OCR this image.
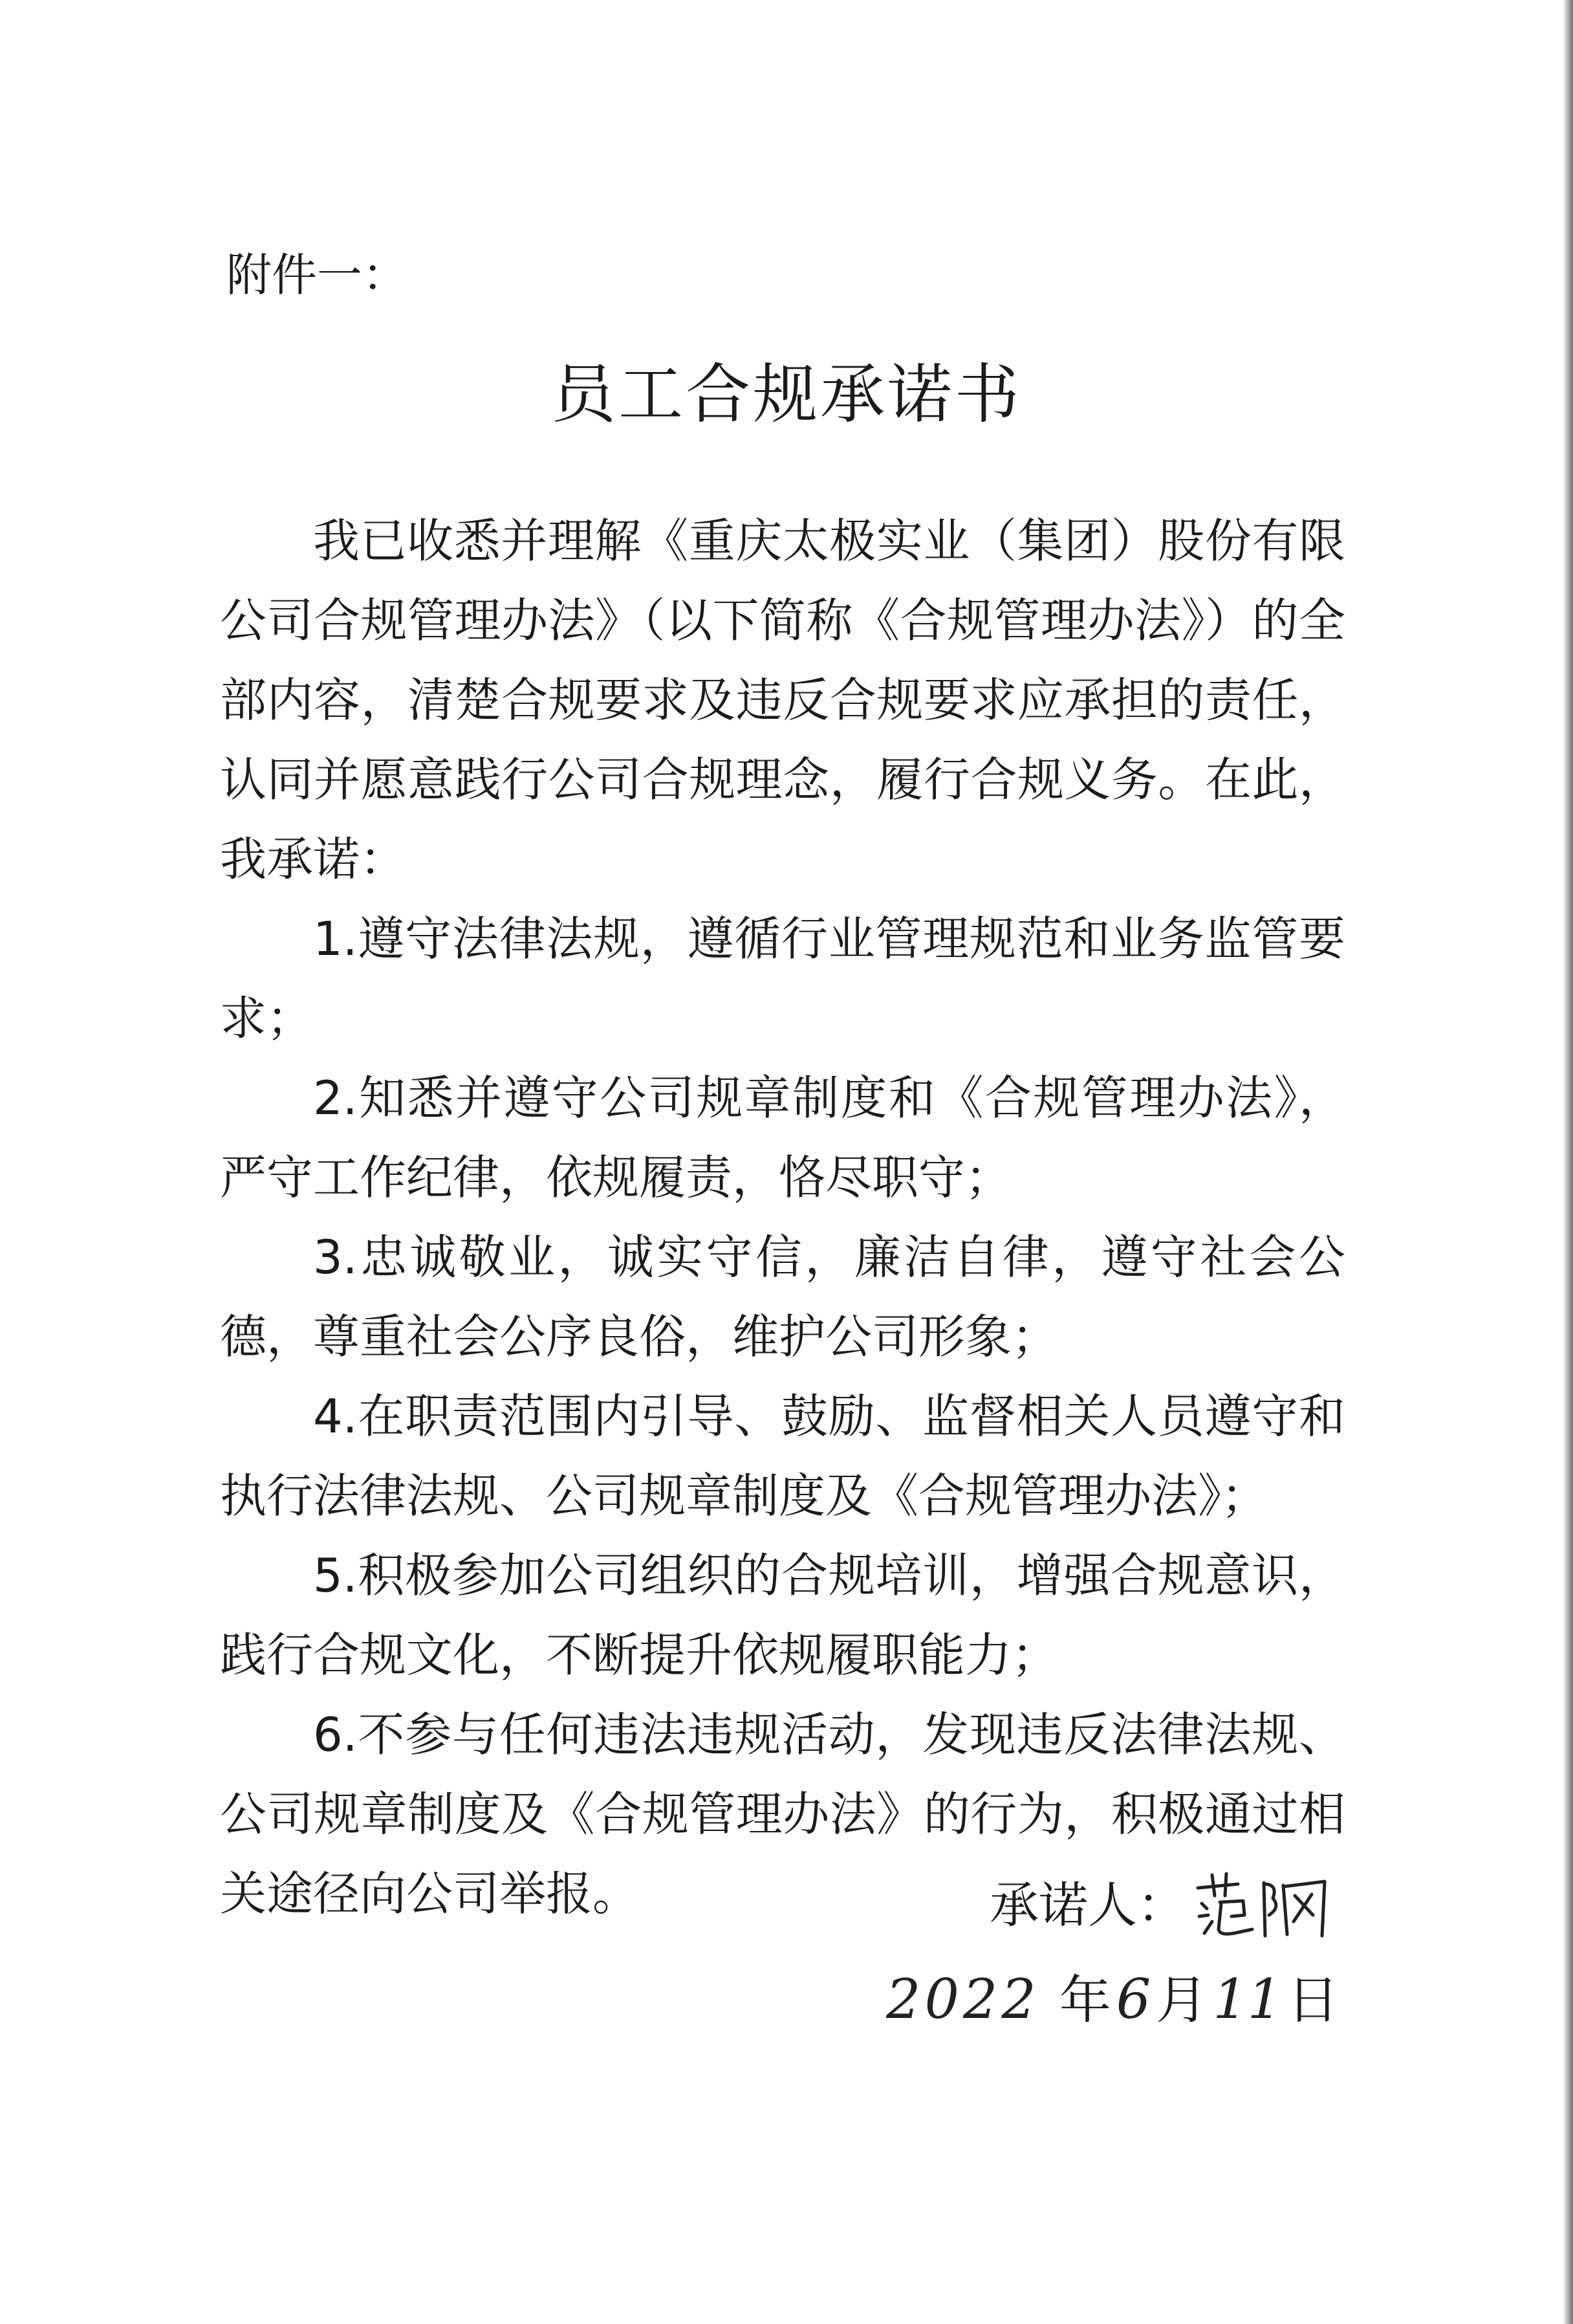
附件一：

员工合规承诺书

我已收悉并理解《重庆太极实业（集团）股份有限公司合规管理办法》（以下简称《合规管理办法》）的全部内容，清楚合规要求及违反合规要求应承担的责任，认同并愿意践行公司合规理念，履行合规义务。在此，我承诺：

1.遵守法律法规，遵循行业管理规范和业务监管要求；

2.知悉并遵守公司规章制度和《合规管理办法》，严守工作纪律，依规履责，恪尽职守；

3.忠诚敬业，诚实守信，廉洁自律，遵守社会公德，尊重社会公序良俗，维护公司形象；

4.在职责范围内引导、鼓励、监督相关人员遵守和执行法律法规、公司规章制度及《合规管理办法》；

5.积极参加公司组织的合规培训，增强合规意识，践行合规文化，不断提升依规履职能力；

6.不参与任何违法违规活动，发现违反法律法规、公司规章制度及《合规管理办法》的行为，积极通过相关途径向公司举报。	承诺人：
2022 年6 月11 日
